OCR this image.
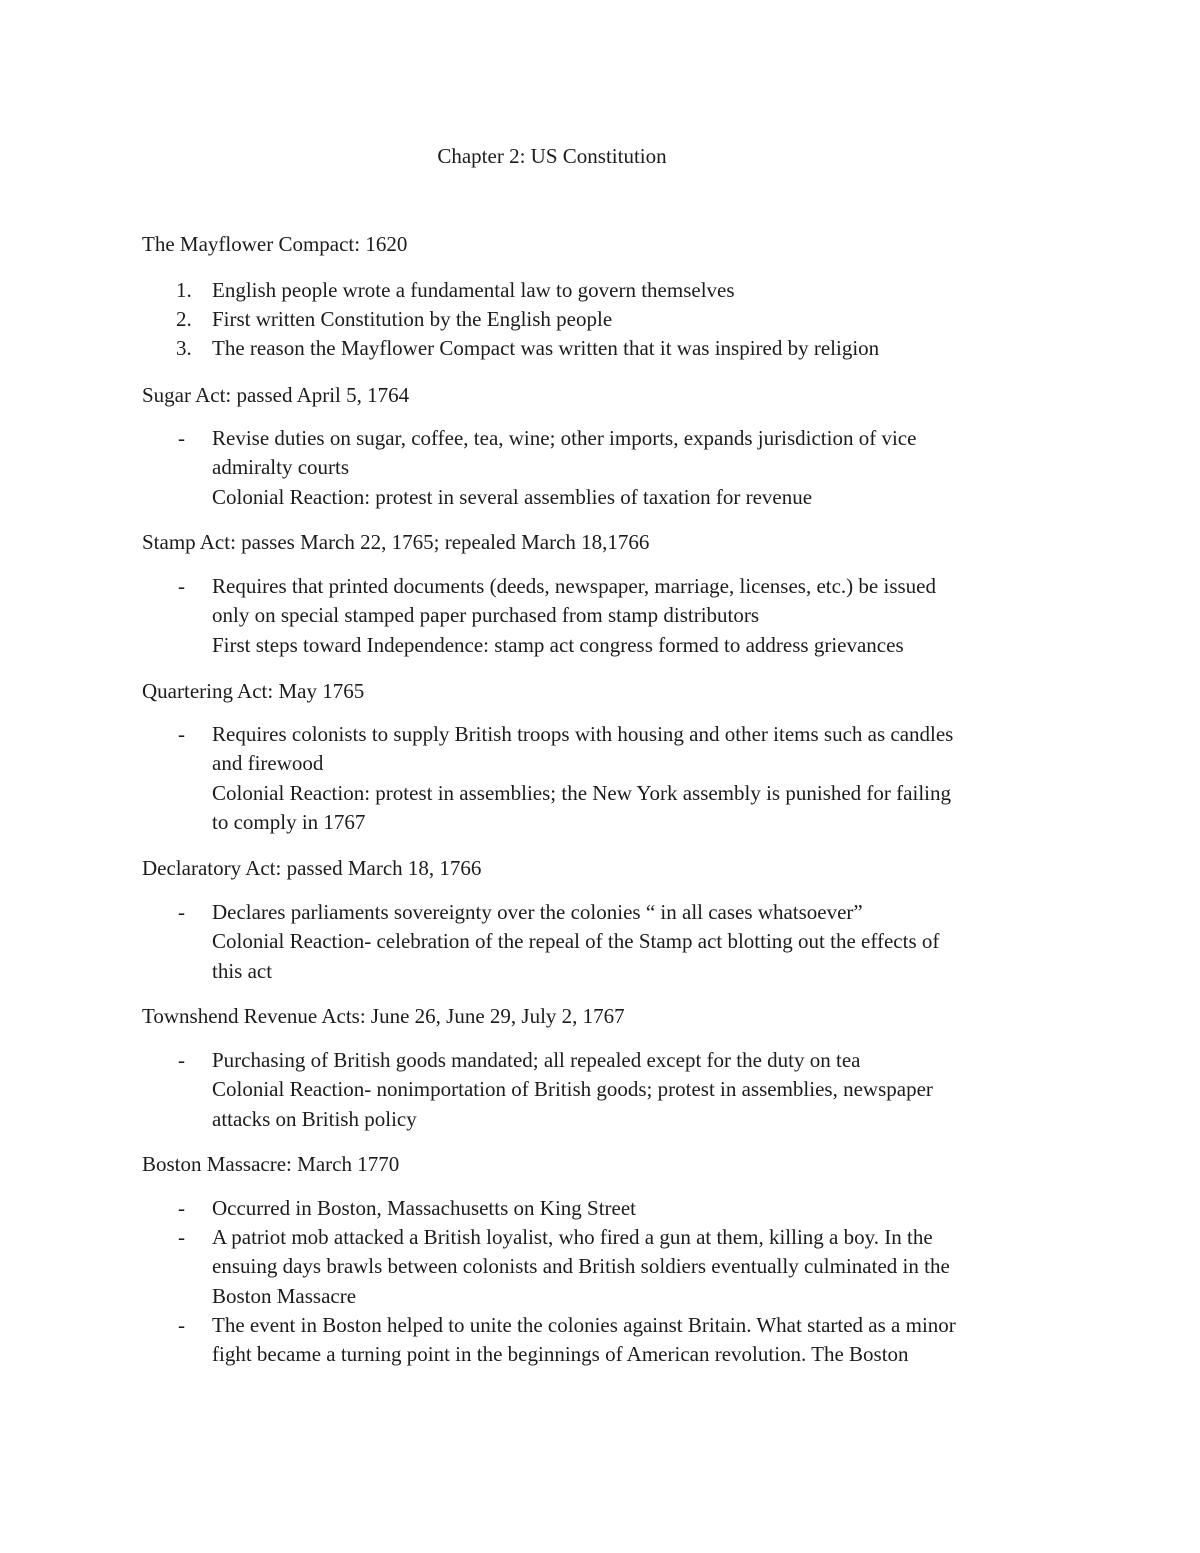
Chapter 2: US Constitution
The Mayflower Compact: 1620
1. English people wrote a fundamental law to govern themselves
2. First written Constitution by the English people
3. The reason the Mayflower Compact was written that it was inspired by religion
Sugar Act: passed April 5, 1764
-	Revise duties on sugar, coffee, tea, wine; other imports, expands jurisdiction of vice
admiralty courts
Colonial Reaction: protest in several assemblies of taxation for revenue
Stamp Act: passes March 22, 1765; repealed March 18,1766
-	Requires that printed documents (deeds, newspaper, marriage, licenses, etc.) be issued
only on special stamped paper purchased from stamp distributors
First steps toward Independence: stamp act congress formed to address grievances
Quartering Act: May 1765
-	Requires colonists to supply British troops with housing and other items such as candles
and firewood
Colonial Reaction: protest in assemblies; the New York assembly is punished for failing
to comply in 1767
Declaratory Act: passed March 18, 1766
-	Declares parliaments sovereignty over the colonies “ in all cases whatsoever”
Colonial Reaction- celebration of the repeal of the Stamp act blotting out the effects of
this act
Townshend Revenue Acts: June 26, June 29, July 2, 1767
-	Purchasing of British goods mandated; all repealed except for the duty on tea
Colonial Reaction- nonimportation of British goods; protest in assemblies, newspaper
attacks on British policy
Boston Massacre: March 1770
-	Occurred in Boston, Massachusetts on King Street
-	A patriot mob attacked a British loyalist, who fired a gun at them, killing a boy. In the
ensuing days brawls between colonists and British soldiers eventually culminated in the
Boston Massacre
-	The event in Boston helped to unite the colonies against Britain. What started as a minor
fight became a turning point in the beginnings of American revolution. The Boston
